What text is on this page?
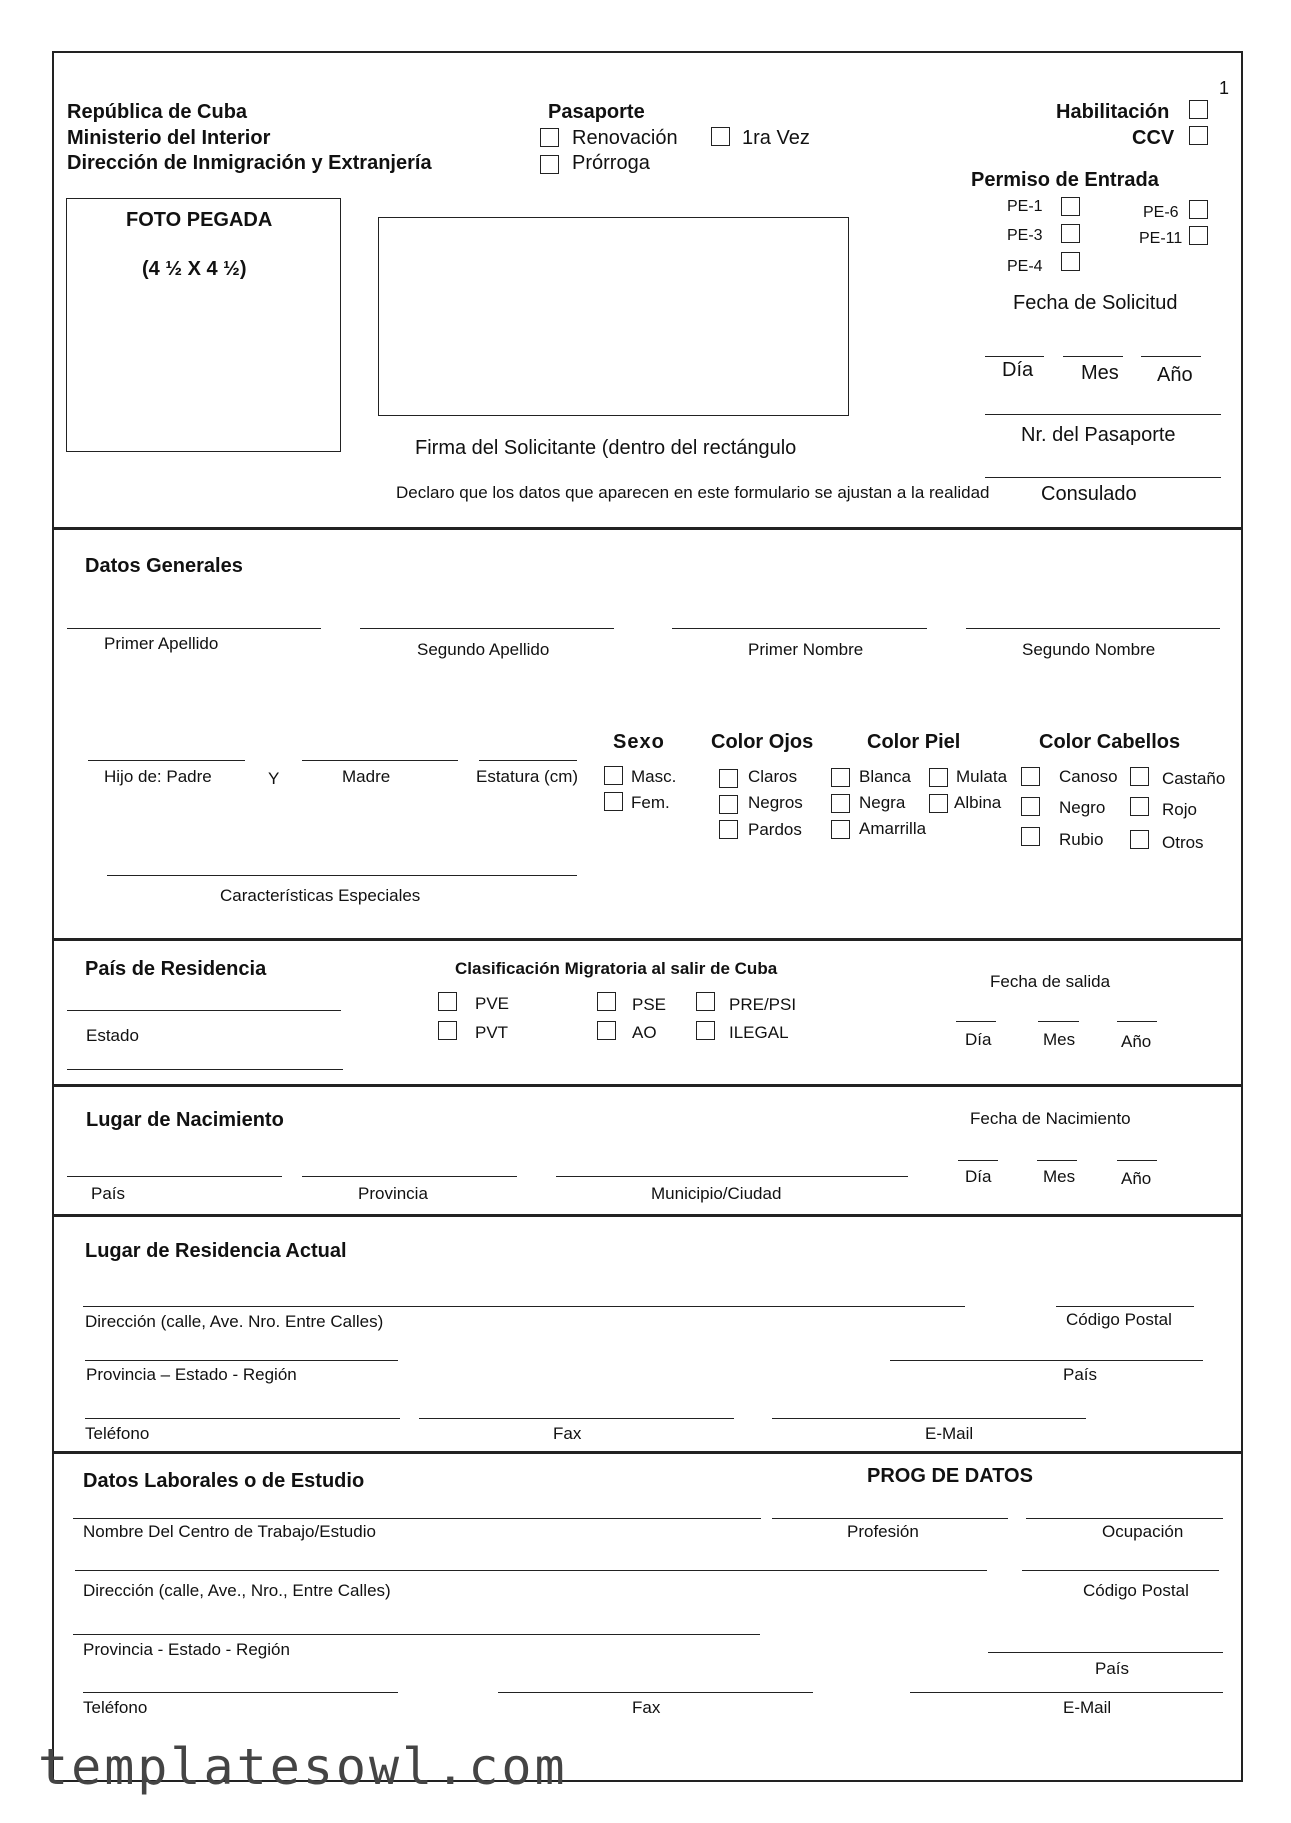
1
República de Cuba
Ministerio del Interior
Dirección de Inmigración y Extranjería
Pasaporte
Renovación	1ra Vez
Prórroga
Habilitación
CCV
Permiso de Entrada
PE-1
PE-3
PE-4
PE-6
PE-11
FOTO PEGADA
(4 ½ X 4 ½)
Firma del Solicitante (dentro del rectángulo
Declaro que los datos que aparecen en este formulario se ajustan a la realidad
Fecha de Solicitud
Día Mes Año
Nr. del Pasaporte
Consulado
Datos Generales
Primer Apellido	Segundo Apellido	Primer Nombre	Segundo Nombre
Hijo de: Padre	Y	Madre	Estatura (cm)
Sexo
Masc.
Fem.
Color Ojos
Claros
Negros
Pardos
Color Piel
Blanca
Negra
Amarrilla
Mulata
Albina
Color Cabellos
Canoso
Negro
Rubio
Castaño
Rojo
Otros
Características Especiales
País de Residencia
Estado
Clasificación Migratoria al salir de Cuba
PVE
PVT
PSE
AO
PRE/PSI
ILEGAL
Fecha de salida
Día	Mes	Año
Lugar de Nacimiento
País	Provincia	Municipio/Ciudad
Fecha de Nacimiento
Día	Mes	Año
Lugar de Residencia Actual
Dirección (calle, Ave. Nro. Entre Calles)	Código Postal
Provincia – Estado - Región	País
Teléfono	Fax	E-Mail
Datos Laborales o de Estudio	PROG DE DATOS
Nombre Del Centro de Trabajo/Estudio	Profesión	Ocupación
Dirección (calle, Ave., Nro., Entre Calles)	Código Postal
Provincia - Estado - Región
País
Teléfono	Fax	E-Mail
templatesowl.com
